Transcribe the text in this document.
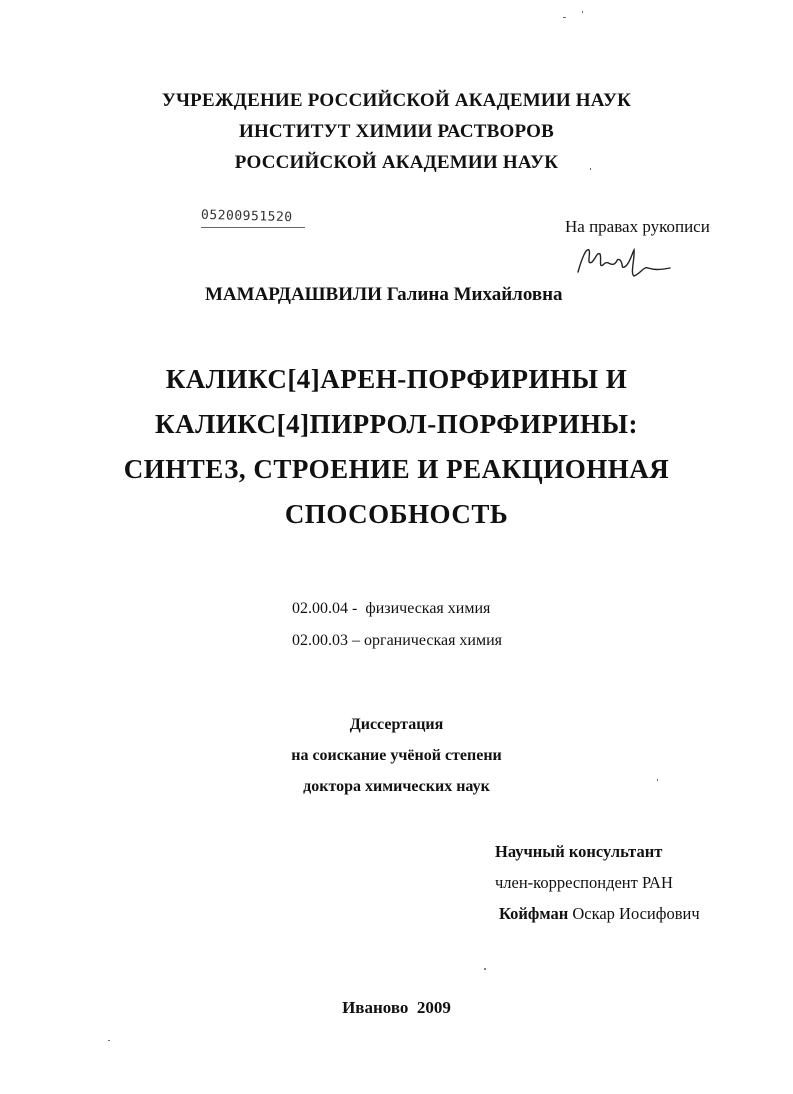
УЧРЕЖДЕНИЕ РОССИЙСКОЙ АКАДЕМИИ НАУК
ИНСТИТУТ ХИМИИ РАСТВОРОВ
РОССИЙСКОЙ АКАДЕМИИ НАУК
05200951520
На правах рукописи
МАМАРДАШВИЛИ Галина Михайловна
КАЛИКС[4]АРЕН-ПОРФИРИНЫ И
КАЛИКС[4]ПИРРОЛ-ПОРФИРИНЫ:
СИНТЕЗ, СТРОЕНИЕ И РЕАКЦИОННАЯ
СПОСОБНОСТЬ
02.00.04 -  физическая химия
02.00.03 – органическая химия
Диссертация
на соискание учёной степени
доктора химических наук
Научный консультант
член-корреспондент РАН
Койфман Оскар Иосифович
Иваново  2009
